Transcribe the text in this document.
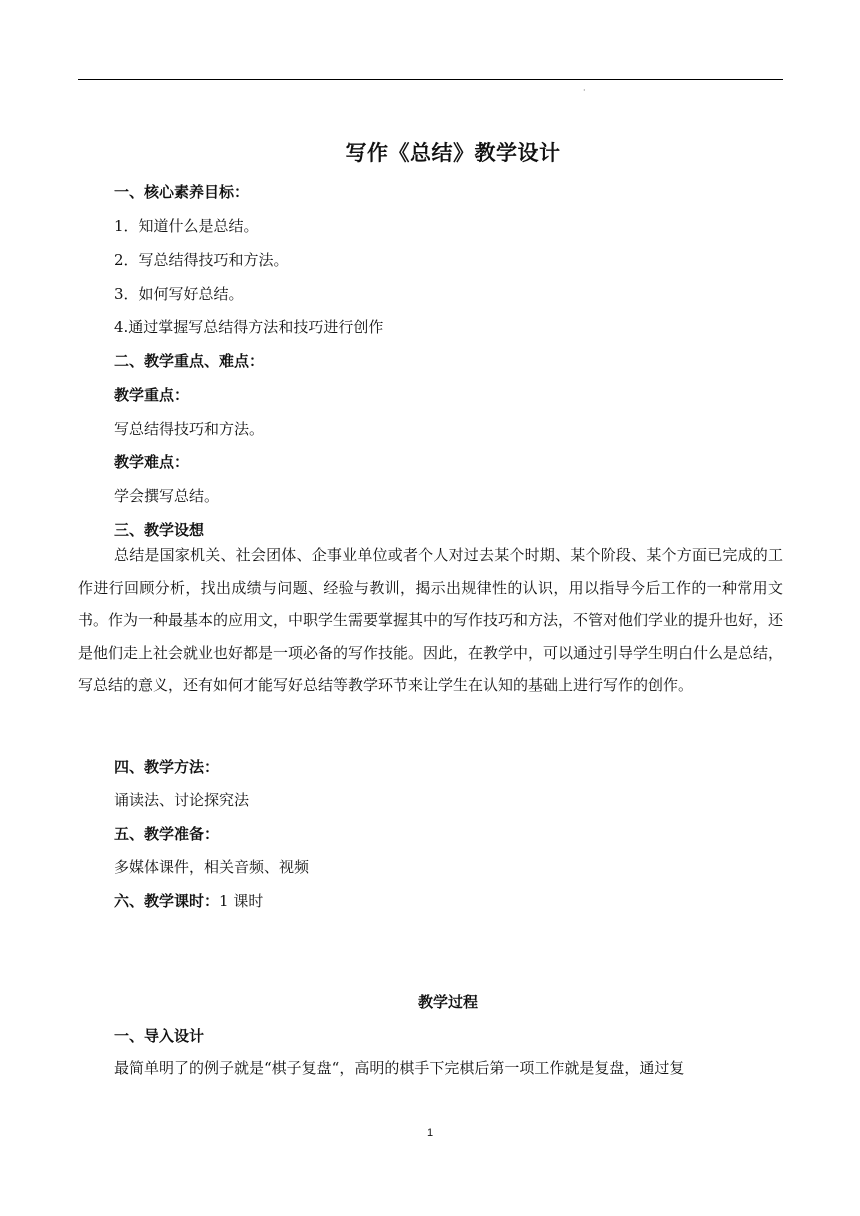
·
写作《总结》教学设计
一、核心素养目标：
1．知道什么是总结。
2．写总结得技巧和方法。
3．如何写好总结。
4.通过掌握写总结得方法和技巧进行创作
二、教学重点、难点：
教学重点：
写总结得技巧和方法。
教学难点：
学会撰写总结。
三、教学设想

总结是国家机关、社会团体、企事业单位或者个人对过去某个时期、某个阶段、某个方面已完成的工作进行回顾分析，找出成绩与问题、经验与教训，揭示出规律性的认识，用以指导今后工作的一种常用文书。作为一种最基本的应用文，中职学生需要掌握其中的写作技巧和方法，不管对他们学业的提升也好，还是他们走上社会就业也好都是一项必备的写作技能。因此，在教学中，可以通过引导学生明白什么是总结，写总结的意义，还有如何才能写好总结等教学环节来让学生在认知的基础上进行写作的创作。

四、教学方法：
诵读法、讨论探究法
五、教学准备：
多媒体课件，相关音频、视频
六、教学课时：1 课时
教学过程
一、导入设计
最简单明了的例子就是“棋子复盘“，高明的棋手下完棋后第一项工作就是复盘，通过复
1
